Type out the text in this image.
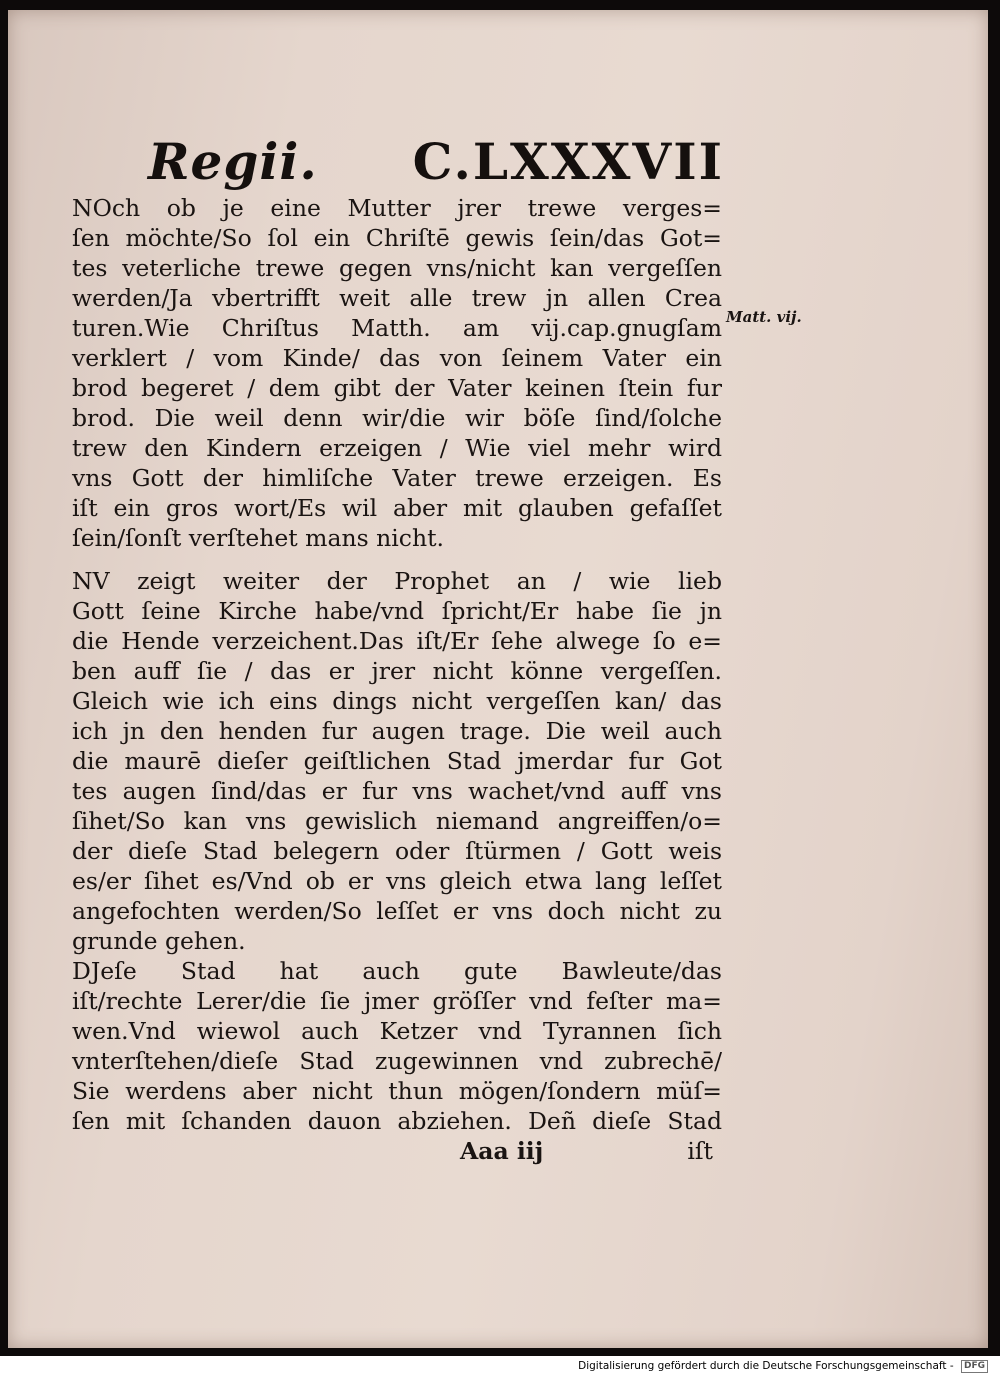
Regii. C.LXXXVII
Matt. vij.
NOch ob je eine Mutter jrer trewe verges=
ſen möchte/So ſol ein Chriſtē gewis ſein/das Got=
tes veterliche trewe gegen vns/nicht kan vergeſſen
werden/Ja vbertrifft weit alle trew jn allen Crea
turen.Wie Chriſtus Matth. am vij.cap.gnugſam
verklert / vom Kinde/ das von ſeinem Vater ein
brod begeret / dem gibt der Vater keinen ſtein fur
brod. Die weil denn wir/die wir böſe ſind/ſolche
trew den Kindern erzeigen / Wie viel mehr wird
vns Gott der himliſche Vater trewe erzeigen. Es
iſt ein gros wort/Es wil aber mit glauben gefaſſet
ſein/ſonſt verſtehet mans nicht.
NV zeigt weiter der Prophet an / wie lieb
Gott ſeine Kirche habe/vnd ſpricht/Er habe ſie jn
die Hende verzeichent.Das iſt/Er ſehe alwege ſo e=
ben auff ſie / das er jrer nicht könne vergeſſen.
Gleich wie ich eins dings nicht vergeſſen kan/ das
ich jn den henden fur augen trage. Die weil auch
die maurē dieſer geiſtlichen Stad jmerdar fur Got
tes augen ſind/das er fur vns wachet/vnd auff vns
ſihet/So kan vns gewislich niemand angreiffen/o=
der dieſe Stad belegern oder ſtürmen / Gott weis
es/er ſihet es/Vnd ob er vns gleich etwa lang leſſet
angefochten werden/So leſſet er vns doch nicht zu
grunde gehen.
DJeſe Stad hat auch gute Bawleute/das
iſt/rechte Lerer/die ſie jmer gröſſer vnd feſter ma=
wen.Vnd wiewol auch Ketzer vnd Tyrannen ſich
vnterſtehen/dieſe Stad zugewinnen vnd zubrechē/
Sie werdens aber nicht thun mögen/ſondern müſ=
ſen mit ſchanden dauon abziehen. Deñ dieſe Stad
Aaa iij	iſt
Digitalisierung gefördert durch die Deutsche Forschungsgemeinschaft - DFG
